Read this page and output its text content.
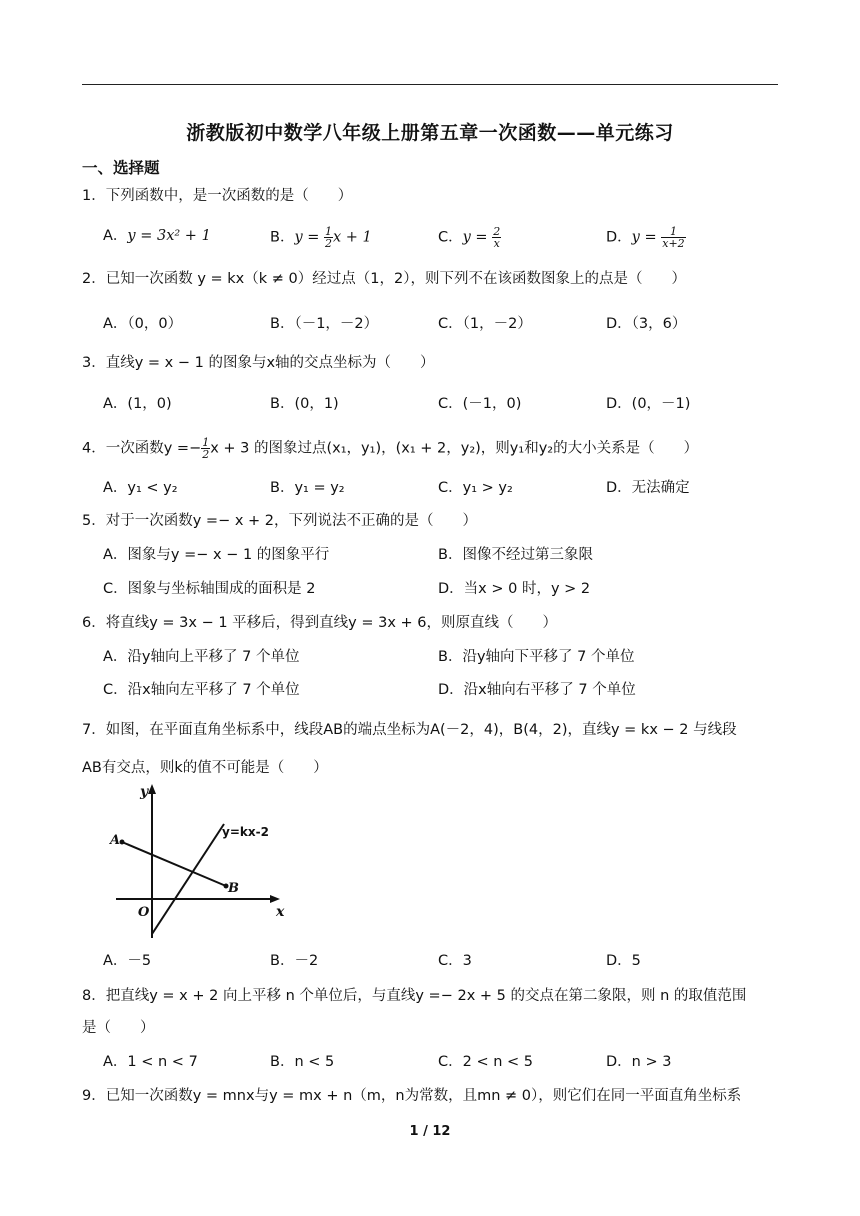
浙教版初中数学八年级上册第五章一次函数——单元练习
一、选择题
1．下列函数中，是一次函数的是（　　）
A．y = 3x² + 1	B．$y = \frac{1}{2}$ x + 1	C．$y = \frac{2}{x}$	D．$y = \frac{1}{x+2}$
2．已知一次函数 y = kx（k ≠ 0）经过点（1，2），则下列不在该函数图象上的点是（　　）
A．（0，0）	B．（－1，－2）	C．（1，－2）	D．（3，6）
3．直线y = x − 1 的图象与x轴的交点坐标为（　　）
A．(1，0)	B．(0，1)	C．(－1，0)	D．(0，－1)
4．一次函数$y =- \frac{1}{2}$ x + 3 的图象过点(x₁，y₁)，(x₁ + 2，y₂)，则y₁和y₂的大小关系是（　　）
A．y₁ < y₂	B．y₁ = y₂	C．y₁ > y₂	D．无法确定
5．对于一次函数y =− x + 2，下列说法不正确的是（　　）
A．图象与y =− x − 1 的图象平行	B．图像不经过第三象限
C．图象与坐标轴围成的面积是 2	D．当x > 0 时，y > 2
6．将直线y = 3x − 1 平移后，得到直线y = 3x + 6，则原直线（　　）
A．沿y轴向上平移了 7 个单位	B．沿y轴向下平移了 7 个单位
C．沿x轴向左平移了 7 个单位	D．沿x轴向右平移了 7 个单位
7．如图，在平面直角坐标系中，线段AB的端点坐标为A(－2，4)，B(4，2)，直线y = kx − 2 与线段
AB有交点，则k的值不可能是（　　）
y
x
O
A
B
y=kx-2
A．－5	B．－2	C．3	D．5
8．把直线y = x + 2 向上平移 n 个单位后，与直线y =− 2x + 5 的交点在第二象限，则 n 的取值范围
是（　　）
A．1 < n < 7	B．n < 5	C．2 < n < 5	D．n > 3
9．已知一次函数y = mnx与y = mx + n（m，n为常数，且mn ≠ 0），则它们在同一平面直角坐标系
1 / 12
